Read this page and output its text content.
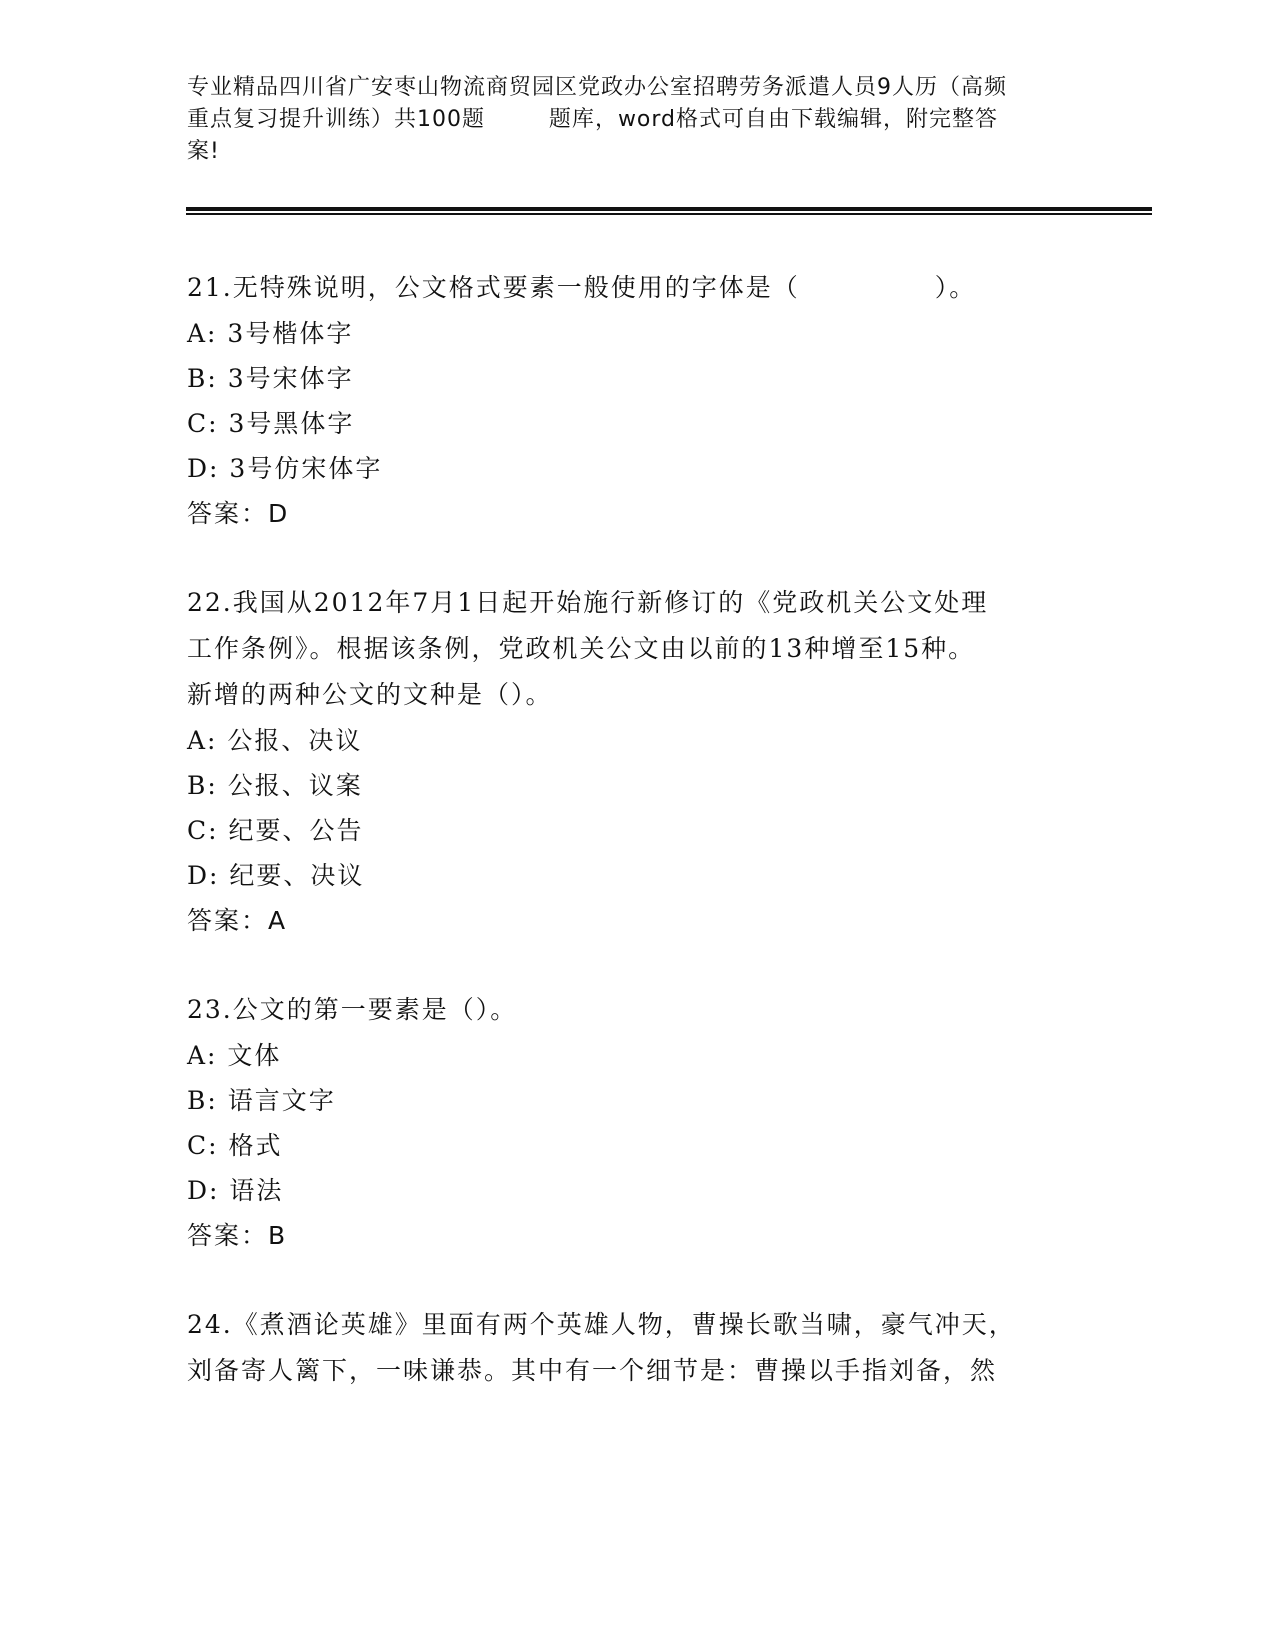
专业精品四川省广安枣山物流商贸园区党政办公室招聘劳务派遣人员9人历（高频
重点复习提升训练）共100题        题库，word格式可自由下载编辑，附完整答
案!
21.无特殊说明，公文格式要素一般使用的字体是（　　　　　）。
A: 3号楷体字
B: 3号宋体字
C: 3号黑体字
D: 3号仿宋体字
答案：D
22.我国从2012年7月1日起开始施行新修订的《党政机关公文处理
工作条例》。根据该条例，党政机关公文由以前的13种增至15种。
新增的两种公文的文种是（）。
A: 公报、决议
B: 公报、议案
C: 纪要、公告
D: 纪要、决议
答案：A
23.公文的第一要素是（）。
A: 文体
B: 语言文字
C: 格式
D: 语法
答案：B
24.《煮酒论英雄》里面有两个英雄人物，曹操长歌当啸，豪气冲天，
刘备寄人篱下，一味谦恭。其中有一个细节是：曹操以手指刘备，然
